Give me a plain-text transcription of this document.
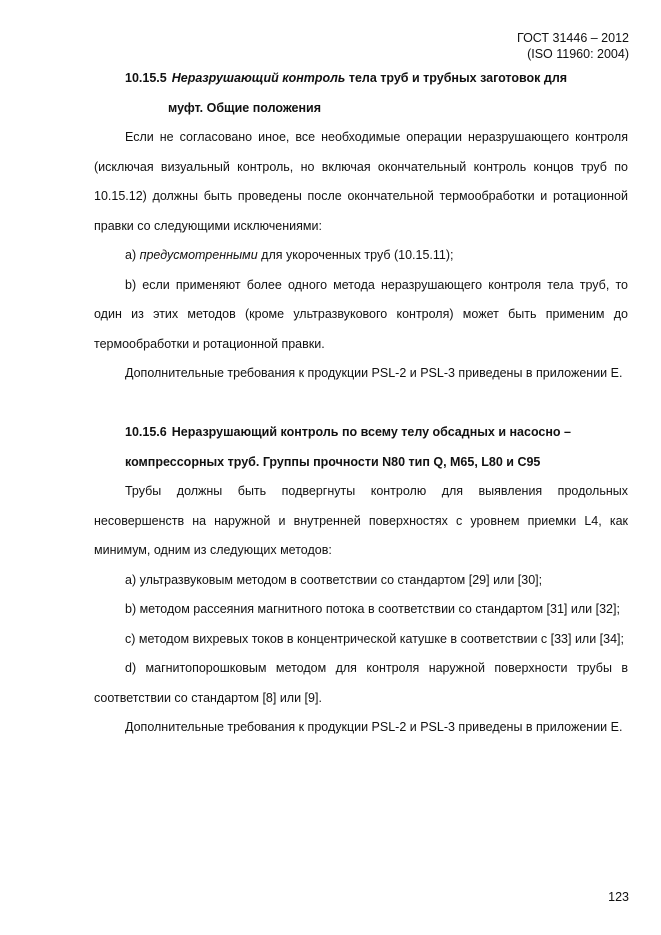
ГОСТ 31446 – 2012
(ISO 11960: 2004)

10.15.5 Неразрушающий контроль тела труб и трубных заготовок для

муфт. Общие положения

Если не согласовано иное, все необходимые операции неразрушающего контроля (исключая визуальный контроль, но включая окончательный контроль концов труб по 10.15.12) должны быть проведены после окончательной термообработки и ротационной правки со следующими исключениями:

а) предусмотренными для укороченных труб (10.15.11);

b) если применяют более одного метода неразрушающего контроля тела труб, то один из этих методов (кроме ультразвукового контроля) может быть применим до термообработки и ротационной правки.

Дополнительные требования к продукции PSL-2 и PSL-3 приведены в приложении Е.

10.15.6 Неразрушающий контроль по всему телу обсадных и насосно –

компрессорных труб. Группы прочности N80 тип Q, M65, L80 и C95

Трубы должны быть подвергнуты контролю для выявления продольных несовершенств на наружной и внутренней поверхностях с уровнем приемки L4, как минимум, одним из следующих методов:

а) ультразвуковым методом в соответствии со стандартом [29] или [30];

b) методом рассеяния магнитного потока в соответствии со стандартом [31] или [32];

c) методом вихревых токов в концентрической катушке в соответствии с [33] или [34];

d) магнитопорошковым методом для контроля наружной поверхности трубы в соответствии со стандартом [8] или [9].

Дополнительные требования к продукции PSL-2 и PSL-3 приведены в приложении Е.

123
